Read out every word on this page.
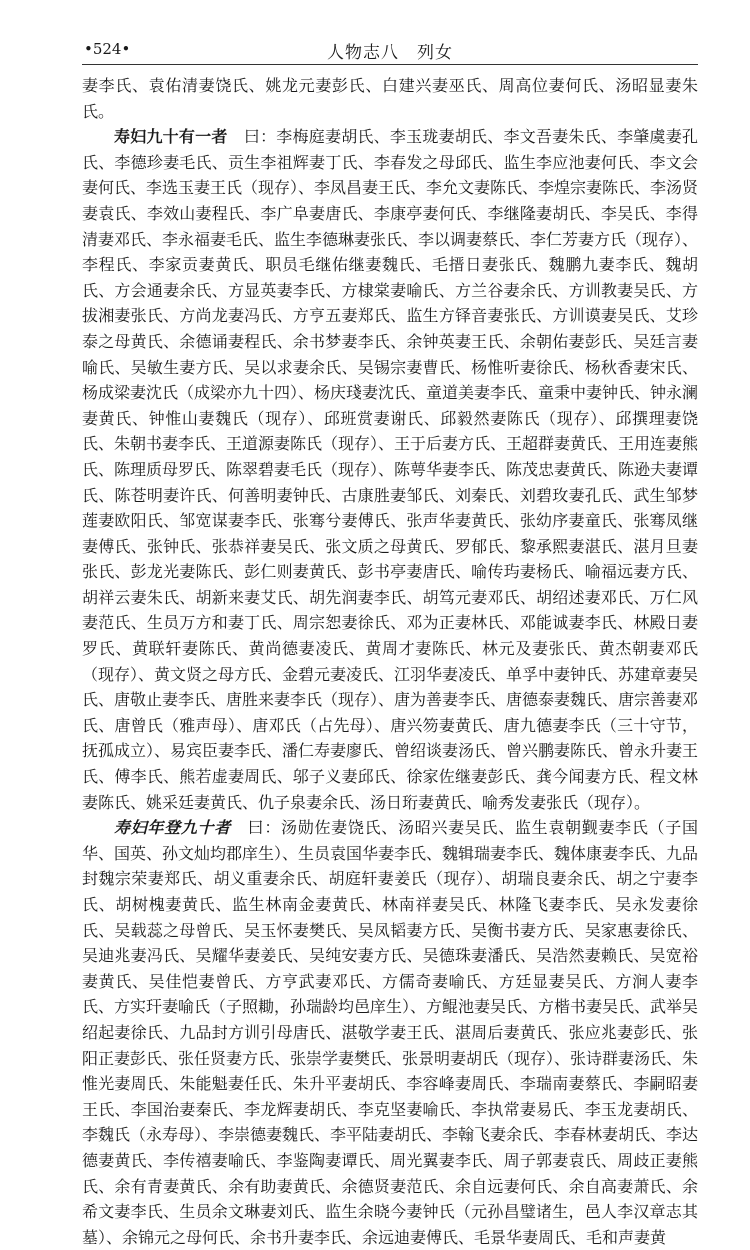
•524•	人物志八　列女

妻李氏、袁佑清妻饶氏、姚龙元妻彭氏、白建兴妻巫氏、周高位妻何氏、汤昭显妻朱氏。

寿妇九十有一者　曰：李梅庭妻胡氏、李玉珑妻胡氏、李文吾妻朱氏、李肇虞妻孔氏、李德珍妻毛氏、贡生李祖辉妻丁氏、李春发之母邱氏、监生李应池妻何氏、李文会妻何氏、李选玉妻王氏（现存）、李凤昌妻王氏、李允文妻陈氏、李煌宗妻陈氏、李汤贤妻袁氏、李效山妻程氏、李广阜妻唐氏、李康亭妻何氏、李继隆妻胡氏、李吴氏、李得清妻邓氏、李永福妻毛氏、监生李德琳妻张氏、李以调妻蔡氏、李仁芳妻方氏（现存）、李程氏、李家贡妻黄氏、职员毛继佑继妻魏氏、毛搢日妻张氏、魏鹏九妻李氏、魏胡氏、方会通妻余氏、方显英妻李氏、方棣棠妻喻氏、方兰谷妻余氏、方训教妻吴氏、方拔湘妻张氏、方尚龙妻冯氏、方亨五妻郑氏、监生方铎音妻张氏、方训谟妻吴氏、艾珍泰之母黄氏、余德诵妻程氏、余书梦妻李氏、余钟英妻王氏、余朝佑妻彭氏、吴廷言妻喻氏、吴敏生妻方氏、吴以求妻余氏、吴锡宗妻曹氏、杨惟听妻徐氏、杨秋香妻宋氏、杨成梁妻沈氏（成梁亦九十四）、杨庆琖妻沈氏、童道美妻李氏、童秉中妻钟氏、钟永澜妻黄氏、钟惟山妻魏氏（现存）、邱班赏妻谢氏、邱毅然妻陈氏（现存）、邱撰理妻饶氏、朱朝书妻李氏、王道源妻陈氏（现存）、王于后妻方氏、王超群妻黄氏、王用连妻熊氏、陈理质母罗氏、陈翠碧妻毛氏（现存）、陈萼华妻李氏、陈茂忠妻黄氏、陈逊夫妻谭氏、陈苍明妻许氏、何善明妻钟氏、古康胜妻邹氏、刘秦氏、刘碧玫妻孔氏、武生邹梦莲妻欧阳氏、邹宽谋妻李氏、张骞兮妻傅氏、张声华妻黄氏、张幼序妻童氏、张骞凤继妻傅氏、张钟氏、张恭祥妻吴氏、张文质之母黄氏、罗郁氏、黎承熙妻湛氏、湛月旦妻张氏、彭龙光妻陈氏、彭仁则妻黄氏、彭书亭妻唐氏、喻传玙妻杨氏、喻福远妻方氏、胡祥云妻朱氏、胡新来妻艾氏、胡先润妻李氏、胡笃元妻邓氏、胡绍述妻邓氏、万仁风妻范氏、生员万方和妻丁氏、周宗恕妻徐氏、邓为正妻林氏、邓能诚妻李氏、林殿日妻罗氏、黄联轩妻陈氏、黄尚德妻凌氏、黄周才妻陈氏、林元及妻张氏、黄杰朝妻邓氏（现存）、黄文贤之母方氏、金碧元妻凌氏、江羽华妻凌氏、单孚中妻钟氏、苏建章妻吴氏、唐敬止妻李氏、唐胜来妻李氏（现存）、唐为善妻李氏、唐德泰妻魏氏、唐宗善妻邓氏、唐曾氏（雅声母）、唐邓氏（占先母）、唐兴笏妻黄氏、唐九德妻李氏（三十守节，抚孤成立）、易宾臣妻李氏、潘仁寿妻廖氏、曾绍谈妻汤氏、曾兴鹏妻陈氏、曾永升妻王氏、傅李氏、熊若虚妻周氏、邬子义妻邱氏、徐家佐继妻彭氏、龚今闻妻方氏、程文林妻陈氏、姚采廷妻黄氏、仇子泉妻余氏、汤日珩妻黄氏、喻秀发妻张氏（现存）。

寿妇年登九十者　曰：汤勋佐妻饶氏、汤昭兴妻吴氏、监生袁朝觐妻李氏（子国华、国英、孙文灿均郡庠生）、生员袁国华妻李氏、魏辑瑞妻李氏、魏体康妻李氏、九品封魏宗荣妻郑氏、胡义重妻余氏、胡庭轩妻姜氏（现存）、胡瑞良妻余氏、胡之宁妻李氏、胡树槐妻黄氏、监生林南金妻黄氏、林南祥妻吴氏、林隆飞妻李氏、吴永发妻徐氏、吴载蕊之母曾氏、吴玉怀妻樊氏、吴凤韬妻方氏、吴衡书妻方氏、吴家惠妻徐氏、吴迪兆妻冯氏、吴耀华妻姜氏、吴纯安妻方氏、吴德珠妻潘氏、吴浩然妻赖氏、吴宽裕妻黄氏、吴佳恺妻曾氏、方亨武妻邓氏、方儒奇妻喻氏、方廷显妻吴氏、方涧人妻李氏、方实玕妻喻氏（子照耡，孙瑞龄均邑庠生）、方鲲池妻吴氏、方楷书妻吴氏、武举吴绍起妻徐氏、九品封方训引母唐氏、湛敬学妻王氏、湛周后妻黄氏、张应兆妻彭氏、张阳正妻彭氏、张任贤妻方氏、张崇学妻樊氏、张景明妻胡氏（现存）、张诗群妻汤氏、朱惟光妻周氏、朱能魁妻任氏、朱升平妻胡氏、李容峰妻周氏、李瑞南妻蔡氏、李嗣昭妻王氏、李国治妻秦氏、李龙辉妻胡氏、李克坚妻喻氏、李执常妻易氏、李玉龙妻胡氏、李魏氏（永寿母）、李崇德妻魏氏、李平陆妻胡氏、李翰飞妻余氏、李春林妻胡氏、李达德妻黄氏、李传禧妻喻氏、李鉴陶妻谭氏、周光翼妻李氏、周子郭妻袁氏、周歧正妻熊氏、余有青妻黄氏、余有助妻黄氏、余德贤妻范氏、余自远妻何氏、余自高妻萧氏、余希文妻李氏、生员余文琳妻刘氏、监生余晓今妻钟氏（元孙昌璧诸生，邑人李汉章志其墓）、余锦元之母何氏、余书升妻李氏、余远迪妻傅氏、毛景华妻周氏、毛和声妻黄
